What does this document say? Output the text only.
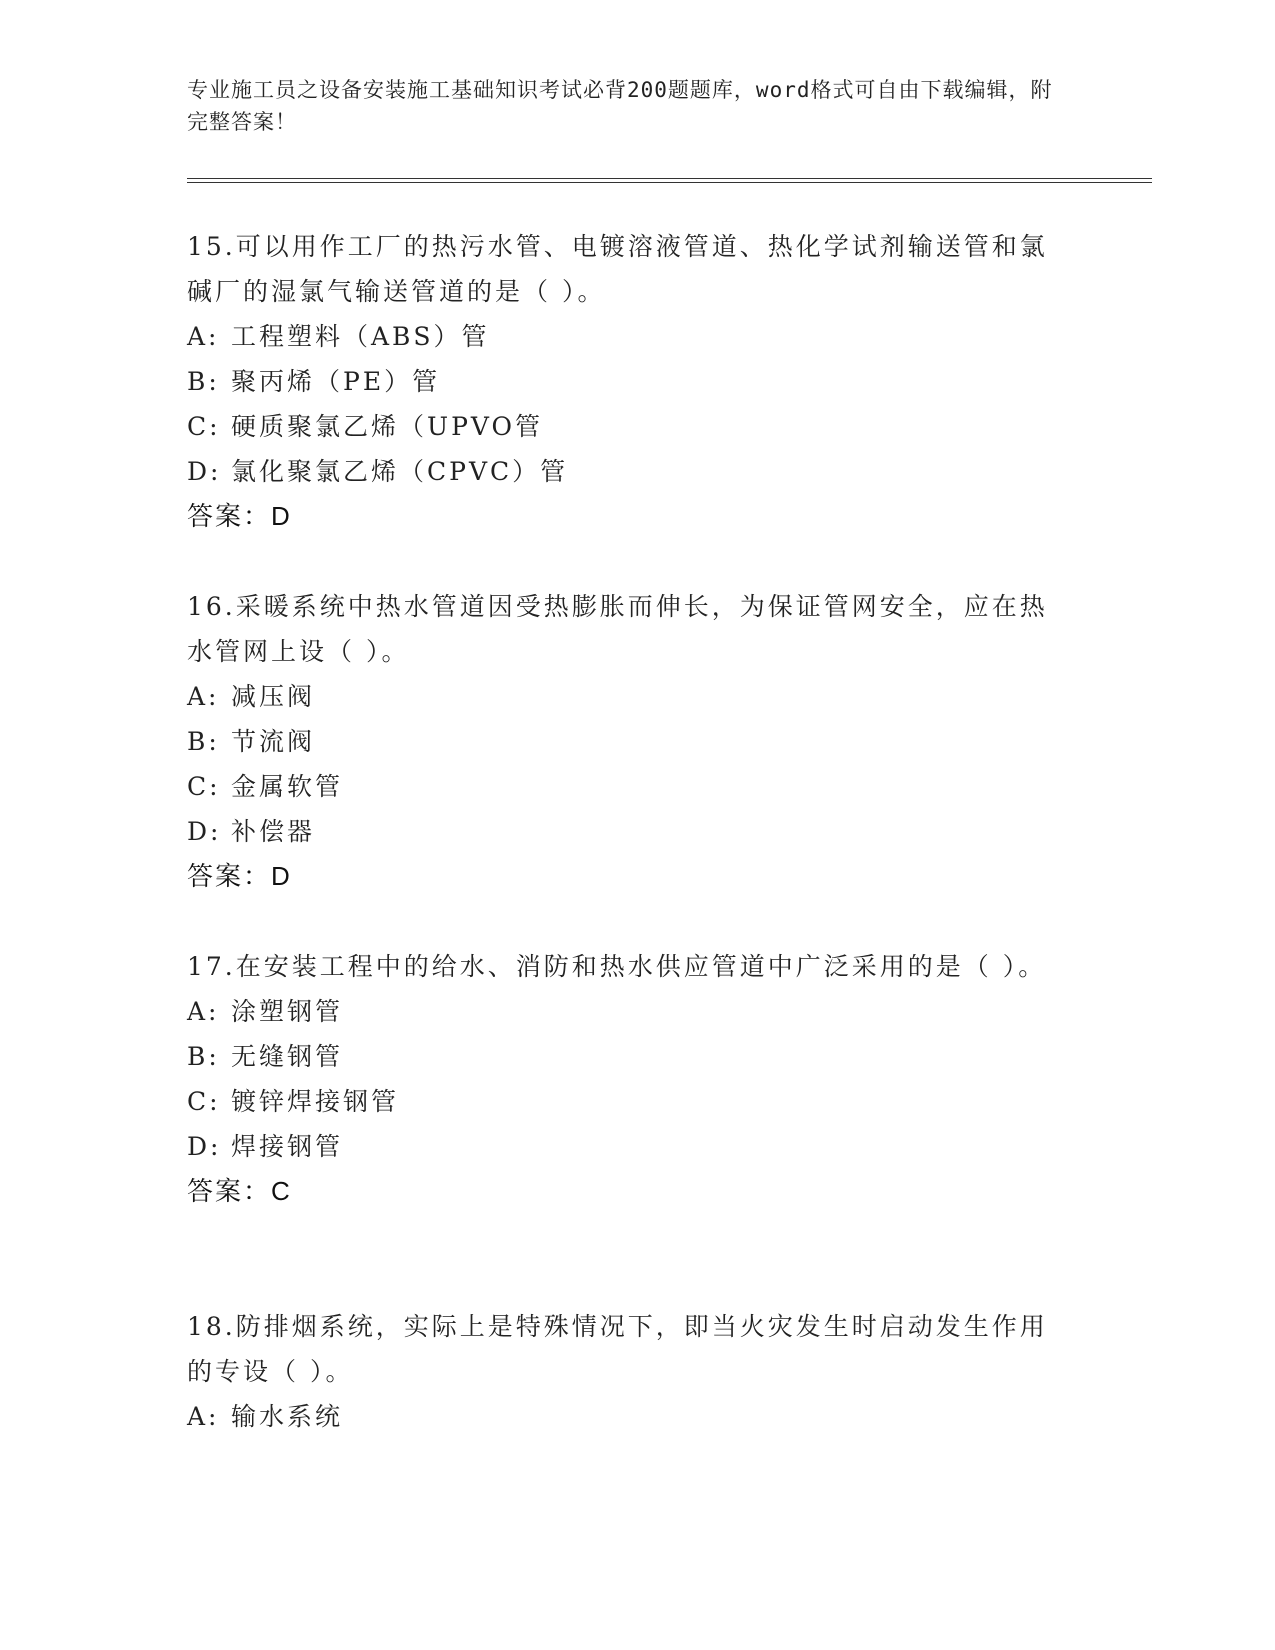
专业施工员之设备安装施工基础知识考试必背200题题库，word格式可自由下载编辑，附完整答案！

15.可以用作工厂的热污水管、电镀溶液管道、热化学试剂输送管和氯碱厂的湿氯气输送管道的是（ ）。

A: 工程塑料（ABS）管

B: 聚丙烯（PE）管

C: 硬质聚氯乙烯（UPVO管

D: 氯化聚氯乙烯（CPVC）管

答案：D

16.采暖系统中热水管道因受热膨胀而伸长，为保证管网安全，应在热水管网上设（ ）。

A: 减压阀

B: 节流阀

C: 金属软管

D: 补偿器

答案：D

17.在安装工程中的给水、消防和热水供应管道中广泛采用的是（ ）。

A: 涂塑钢管

B: 无缝钢管

C: 镀锌焊接钢管

D: 焊接钢管

答案：C

18.防排烟系统，实际上是特殊情况下，即当火灾发生时启动发生作用的专设（ ）。

A: 输水系统
